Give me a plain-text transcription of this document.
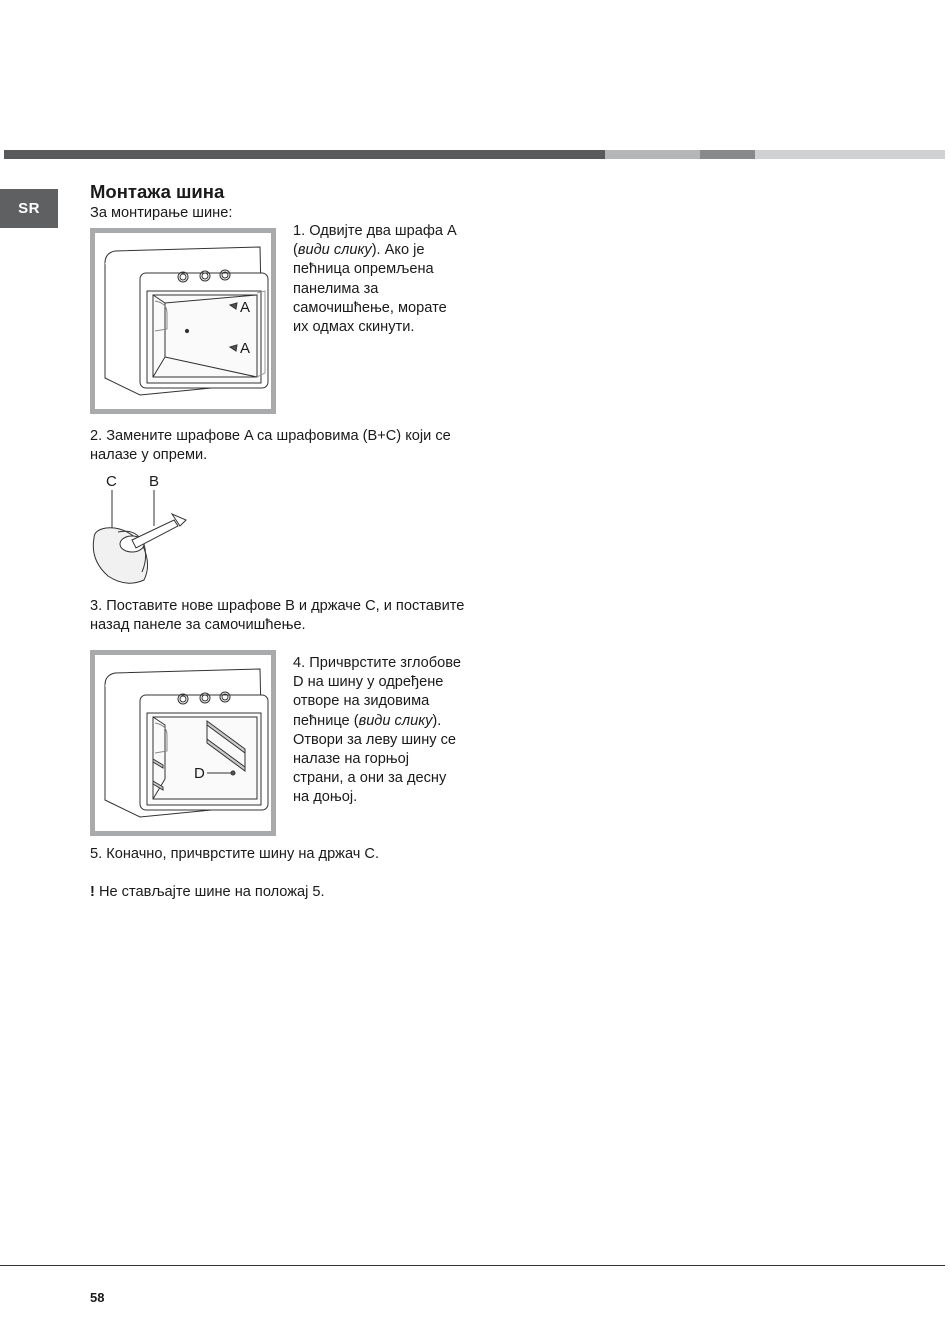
SR
Монтажа шина

За монтирање шине:

A
A

1. Одвијте два шрафа A (види слику). Ако је пећница опремљена панелима за самочишћење, морате их одмах скинути.

2. Замените шрафове A са шрафовима (B+C) који се налазе у опреми.

C B

3. Поставите нове шрафове B и држаче C, и поставите назад панеле за самочишћење.

D

4. Причврстите зглобове D на шину у одређене отворе на зидовима пећнице (види слику). Отвори за леву шину се налазе на горњој страни, а они за десну на доњој.

5. Коначно, причврстите шину на држач C.

! Не стављајте шине на положај 5.

58
